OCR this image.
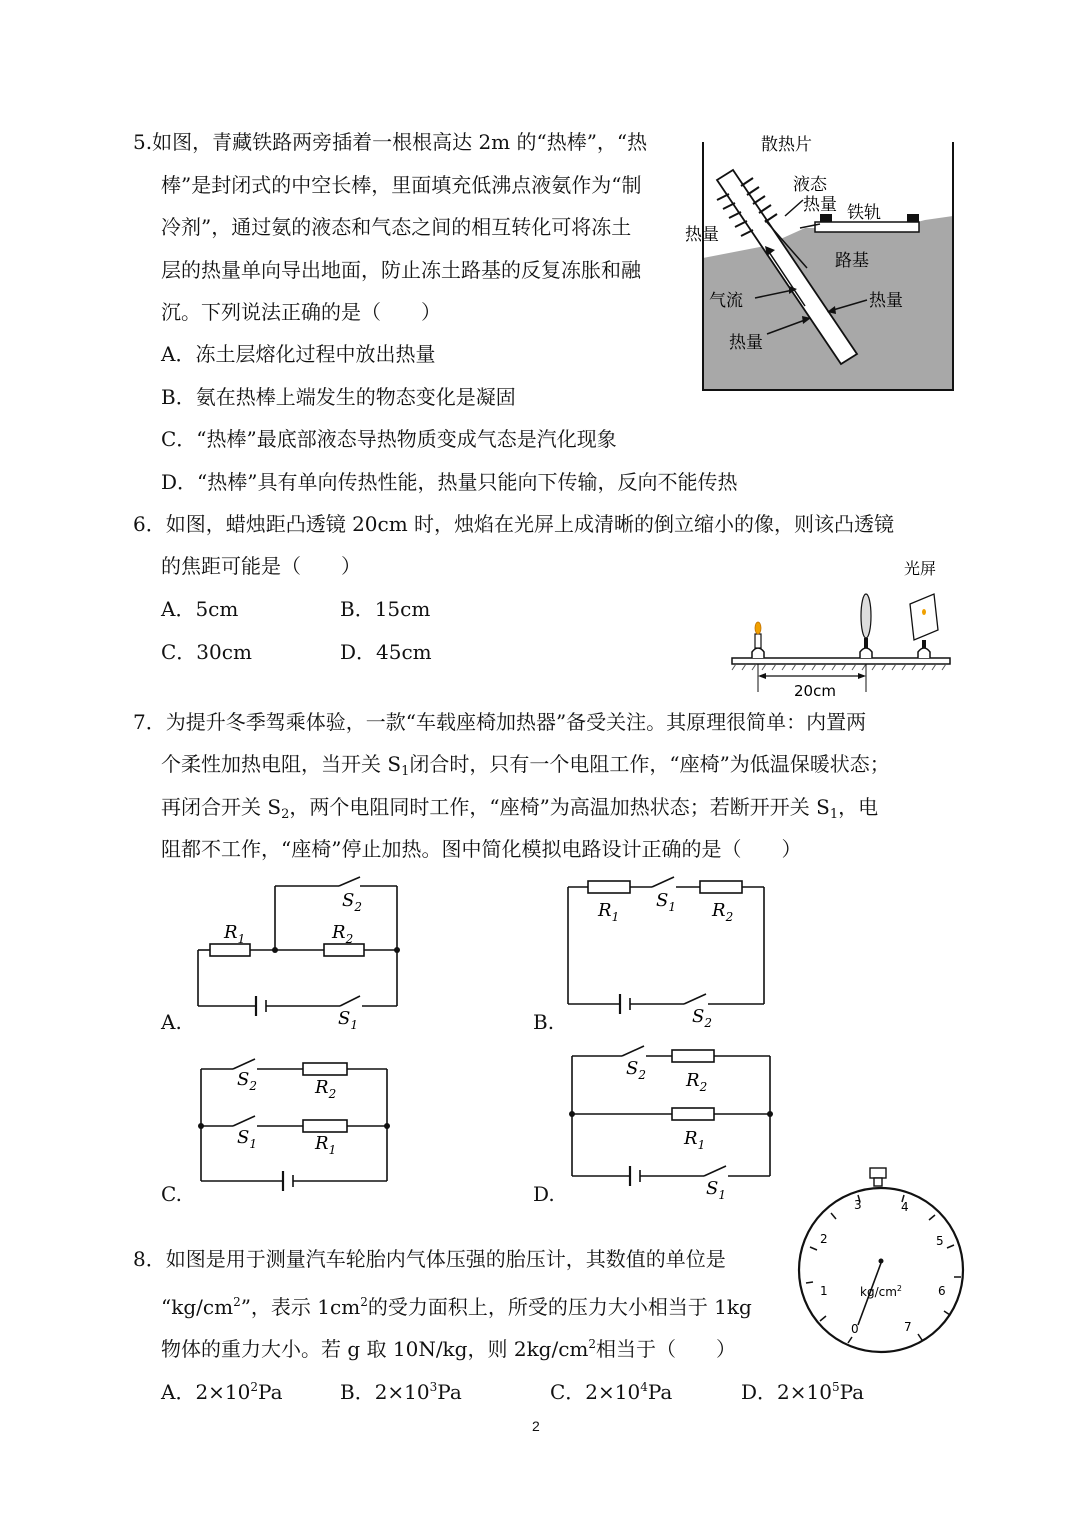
5.如图，青藏铁路两旁插着一根根高达 2m 的“热棒”，“热
棒”是封闭式的中空长棒，里面填充低沸点液氨作为“制
冷剂”，通过氨的液态和气态之间的相互转化可将冻土
层的热量单向导出地面，防止冻土路基的反复冻胀和融
沉。下列说法正确的是（　　）
A．冻土层熔化过程中放出热量
B．氨在热棒上端发生的物态变化是凝固
C．“热棒”最底部液态导热物质变成气态是汽化现象
D．“热棒”具有单向传热性能，热量只能向下传输，反向不能传热
散热片
液态
热量 铁轨
热量
路基
气流	热量
热量
6．如图，蜡烛距凸透镜 20cm 时，烛焰在光屏上成清晰的倒立缩小的像，则该凸透镜
的焦距可能是（　　）
A．5cm	B．15cm
C．30cm	D．45cm
光屏
20cm
7．为提升冬季驾乘体验，一款“车载座椅加热器”备受关注。其原理很简单：内置两
个柔性加热电阻，当开关 $S_1$闭合时，只有一个电阻工作，“座椅”为低温保暖状态；
再闭合开关 $S_2$，两个电阻同时工作，“座椅”为高温加热状态；若断开开关 $S_1$，电
阻都不工作，“座椅”停止加热。图中简化模拟电路设计正确的是（　　）
A.	B.
C.	D.
$S_2$
$R_1$	$R_2$
$S_1$
$R_1$
$S_1$ $R_2$
$S_2$
$S_2$	$R_2$
$S_1$	$R_1$
$S_2$ $R_2$
$R_1$
$S_1$
8．如图是用于测量汽车轮胎内气体压强的胎压计，其数值的单位是
“$kg/cm^2$”，表示 $1cm^2$的受力面积上，所受的压力大小相当于 1kg
物体的重力大小。若 g 取 10N/kg，则 $2kg/cm^2$相当于（　　）
A．$2\times 10^2Pa$	B．$2\times 10^3Pa$	C．$2\times 10^4Pa$	D．$2\times 10^5Pa$
0
1
2
3	4
5
6
7
$kg/cm^2$
2
